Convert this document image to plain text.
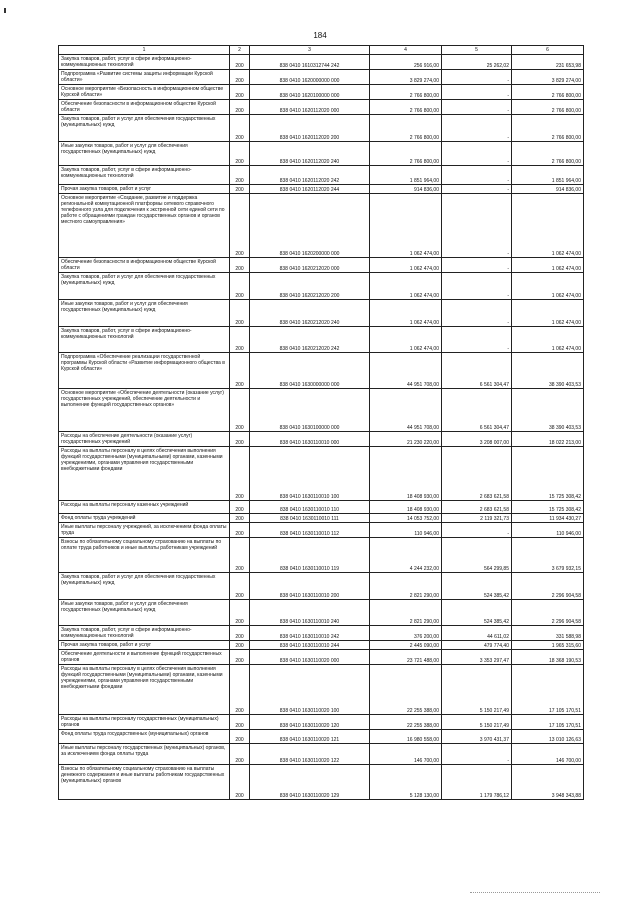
184
1	2	3	4	5	6
Закупка товаров, работ, услуг в сфере информационно-коммуникационных технологий	200	838 0410 1610312744 242	256 916,00	25 262,02	231 653,98
Подпрограмма «Развитие системы защиты информации Курской области»	200	838 0410 1620000000 000	3 829 274,00	-	3 829 274,00
Основное мероприятие «Безопасность в информационном обществе Курской области»	200	838 0410 1620100000 000	2 766 800,00	-	2 766 800,00
Обеспечение безопасности в информационном обществе Курской области	200	838 0410 1620112020 000	2 766 800,00	-	2 766 800,00
Закупка товаров, работ и услуг для обеспечения государственных (муниципальных) нужд	200	838 0410 1620112020 200	2 766 800,00	-	2 766 800,00
Иные закупки товаров, работ и услуг для обеспечения государственных (муниципальных) нужд	200	838 0410 1620112020 240	2 766 800,00	-	2 766 800,00
Закупка товаров, работ, услуг в сфере информационно-коммуникационных технологий	200	838 0410 1620112020 242	1 851 964,00	-	1 851 964,00
Прочая закупка товаров, работ и услуг	200	838 0410 1620112020 244	914 836,00	-	914 836,00
Основное мероприятие «Создание, развитие и поддержка региональной коммутационной платформы сетевого справочного телефонного узла для подключения к экстренной сети единой сети по работе с обращениями граждан государственных органов и органов местного самоуправления»	200	838 0410 1620200000 000	1 062 474,00	-	1 062 474,00
Обеспечение безопасности в информационном обществе Курской области	200	838 0410 1620212020 000	1 062 474,00	-	1 062 474,00
Закупка товаров, работ и услуг для обеспечения государственных (муниципальных) нужд	200	838 0410 1620212020 200	1 062 474,00	-	1 062 474,00
Иные закупки товаров, работ и услуг для обеспечения государственных (муниципальных) нужд	200	838 0410 1620212020 240	1 062 474,00	-	1 062 474,00
Закупка товаров, работ, услуг в сфере информационно-коммуникационных технологий	200	838 0410 1620212020 242	1 062 474,00	-	1 062 474,00
Подпрограмма «Обеспечение реализации государственной программы Курской области «Развитие информационного общества в Курской области»	200	838 0410 1630000000 000	44 951 708,00	6 561 304,47	38 390 403,53
Основное мероприятие «Обеспечение деятельности (оказание услуг) государственных учреждений, обеспечение деятельности и выполнение функций государственных органов»	200	838 0410 1630100000 000	44 951 708,00	6 561 304,47	38 390 403,53
Расходы на обеспечение деятельности (оказание услуг) государственных учреждений	200	838 0410 1630110010 000	21 230 220,00	3 208 007,00	18 022 213,00
Расходы на выплаты персоналу в целях обеспечения выполнения функций государственными (муниципальными) органами, казенными учреждениями, органами управления государственными внебюджетными фондами	200	838 0410 1630110010 100	18 408 930,00	2 683 621,58	15 725 308,42
Расходы на выплаты персоналу казенных учреждений	200	838 0410 1630110010 110	18 408 930,00	2 683 621,58	15 725 308,42
Фонд оплаты труда учреждений	200	838 0410 1630110010 111	14 053 752,00	2 119 321,73	11 934 430,27
Иные выплаты персоналу учреждений, за исключением фонда оплаты труда	200	838 0410 1630110010 112	110 946,00	-	110 946,00
Взносы по обязательному социальному страхованию на выплаты по оплате труда работников и иные выплаты работникам учреждений	200	838 0410 1630110010 119	4 244 232,00	564 299,85	3 679 932,15
Закупка товаров, работ и услуг для обеспечения государственных (муниципальных) нужд	200	838 0410 1630110010 200	2 821 290,00	524 385,42	2 296 904,58
Иные закупки товаров, работ и услуг для обеспечения государственных (муниципальных) нужд	200	838 0410 1630110010 240	2 821 290,00	524 385,42	2 296 904,58
Закупка товаров, работ, услуг в сфере информационно-коммуникационных технологий	200	838 0410 1630110010 242	376 200,00	44 611,02	331 588,98
Прочая закупка товаров, работ и услуг	200	838 0410 1630110010 244	2 445 090,00	479 774,40	1 965 315,60
Обеспечение деятельности и выполнение функций государственных органов	200	838 0410 1630110020 000	23 721 488,00	3 353 297,47	18 368 190,53
Расходы на выплаты персоналу в целях обеспечения выполнения функций государственными (муниципальными) органами, казенными учреждениями, органами управления государственными внебюджетными фондами	200	838 0410 1630110020 100	22 255 388,00	5 150 217,49	17 105 170,51
Расходы на выплаты персоналу государственных (муниципальных) органов	200	838 0410 1630110020 120	22 255 388,00	5 150 217,49	17 105 170,51
Фонд оплаты труда государственных (муниципальных) органов	200	838 0410 1630110020 121	16 980 558,00	3 970 431,37	13 010 126,63
Иные выплаты персоналу государственных (муниципальных) органов, за исключением фонда оплаты труда	200	838 0410 1630110020 122	146 700,00	-	146 700,00
Взносы по обязательному социальному страхованию на выплаты денежного содержания и иные выплаты работникам государственных (муниципальных) органов	200	838 0410 1630110020 129	5 128 130,00	1 179 786,12	3 948 343,88
